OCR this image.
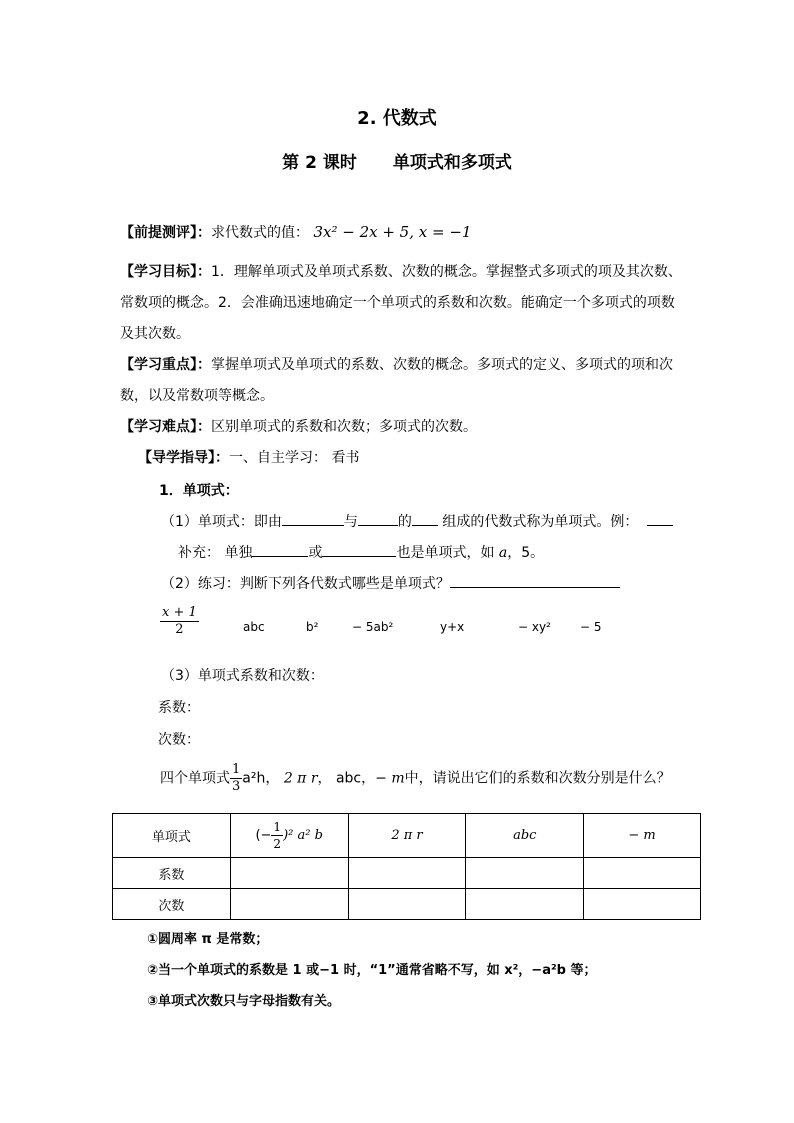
2. 代数式
第 2 课时 单项式和多项式
【前提测评】：求代数式的值： 3x² − 2x + 5, x = −1
【学习目标】：1．理解单项式及单项式系数、次数的概念。掌握整式多项式的项及其次数、
常数项的概念。2．会准确迅速地确定一个单项式的系数和次数。能确定一个多项式的项数
及其次数。
【学习重点】：掌握单项式及单项式的系数、次数的概念。多项式的定义、多项式的项和次
数，以及常数项等概念。
【学习难点】：区别单项式的系数和次数；多项式的次数。
【导学指导】：一、自主学习： 看书
1．单项式：
（1）单项式：即由	与	的 组成的代数式称为单项式。例：
补充： 单独	或	也是单项式，如 a，5。
（2）练习：判断下列各代数式哪些是单项式？
$\frac{x + 1}{2}$	abc	b²	− 5ab²	y+x	− xy² − 5
（3）单项式系数和次数：
系数：
次数：
四个单项式 $\frac{1}{3} a^2h$， 2 π r， abc，− m中，请说出它们的系数和次数分别是什么？
单项式	(− $\frac{1}{2} )^2$ a² b	2 π r	abc	− m
系数				
次数				
①圆周率 π 是常数；
②当一个单项式的系数是 1 或−1 时，“1”通常省略不写，如 x²，−a²b 等；
③单项式次数只与字母指数有关。
